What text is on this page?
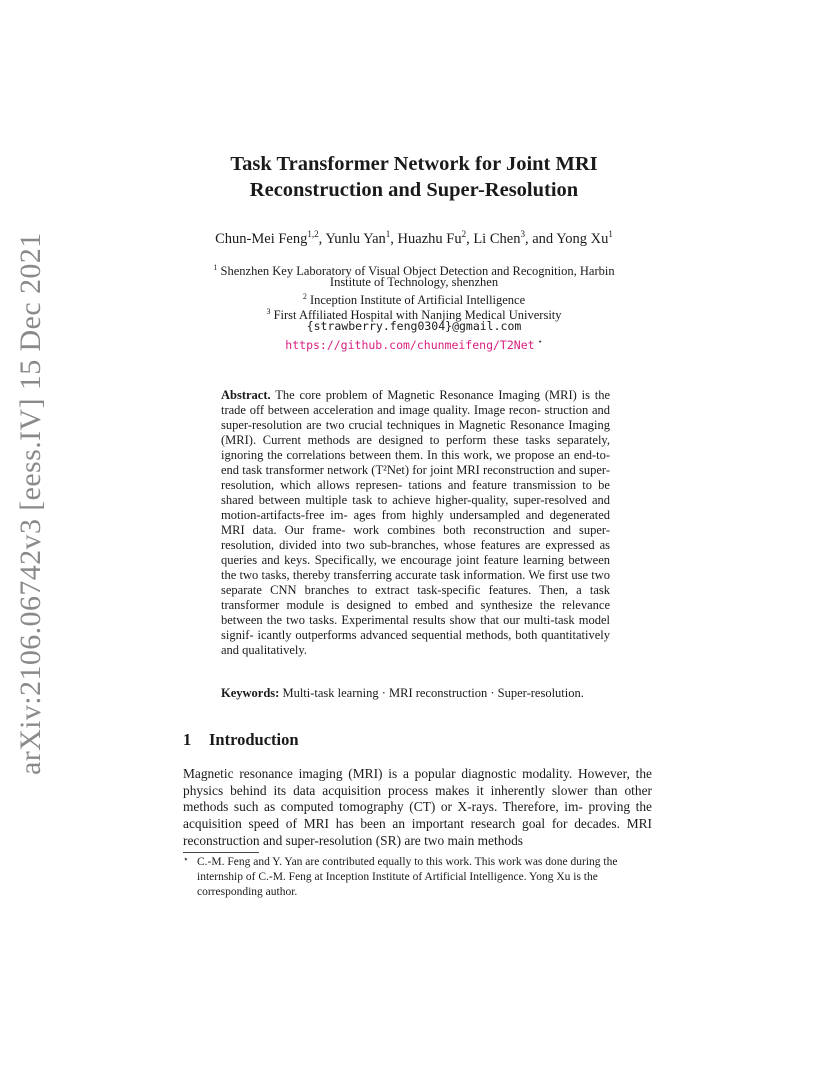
arXiv:2106.06742v3 [eess.IV] 15 Dec 2021
Task Transformer Network for Joint MRI
Reconstruction and Super-Resolution
Chun-Mei Feng$^{1,2}$, Yunlu Yan$^1$, Huazhu Fu$^2$, Li Chen$^3$, and Yong Xu$^1$
$^1$ Shenzhen Key Laboratory of Visual Object Detection and Recognition, Harbin
Institute of Technology, shenzhen
$^2$ Inception Institute of Artificial Intelligence
$^3$ First Affiliated Hospital with Nanjing Medical University
{strawberry.feng0304}@gmail.com
https://github.com/chunmeifeng/T2Net ⋆

Abstract. The core problem of Magnetic Resonance Imaging (MRI) is the trade off between acceleration and image quality. Image recon- struction and super-resolution are two crucial techniques in Magnetic Resonance Imaging (MRI). Current methods are designed to perform these tasks separately, ignoring the correlations between them. In this work, we propose an end-to-end task transformer network (T²Net) for joint MRI reconstruction and super-resolution, which allows represen- tations and feature transmission to be shared between multiple task to achieve higher-quality, super-resolved and motion-artifacts-free im- ages from highly undersampled and degenerated MRI data. Our frame- work combines both reconstruction and super-resolution, divided into two sub-branches, whose features are expressed as queries and keys. Specifically, we encourage joint feature learning between the two tasks, thereby transferring accurate task information. We first use two separate CNN branches to extract task-specific features. Then, a task transformer module is designed to embed and synthesize the relevance between the two tasks. Experimental results show that our multi-task model signif- icantly outperforms advanced sequential methods, both quantitatively and qualitatively.

Keywords: Multi-task learning · MRI reconstruction · Super-resolution.
1 Introduction

Magnetic resonance imaging (MRI) is a popular diagnostic modality. However, the physics behind its data acquisition process makes it inherently slower than other methods such as computed tomography (CT) or X-rays. Therefore, im- proving the acquisition speed of MRI has been an important research goal for decades. MRI reconstruction and super-resolution (SR) are two main methods

⋆ C.-M. Feng and Y. Yan are contributed equally to this work. This work was done during the internship of C.-M. Feng at Inception Institute of Artificial Intelligence. Yong Xu is the corresponding author.
